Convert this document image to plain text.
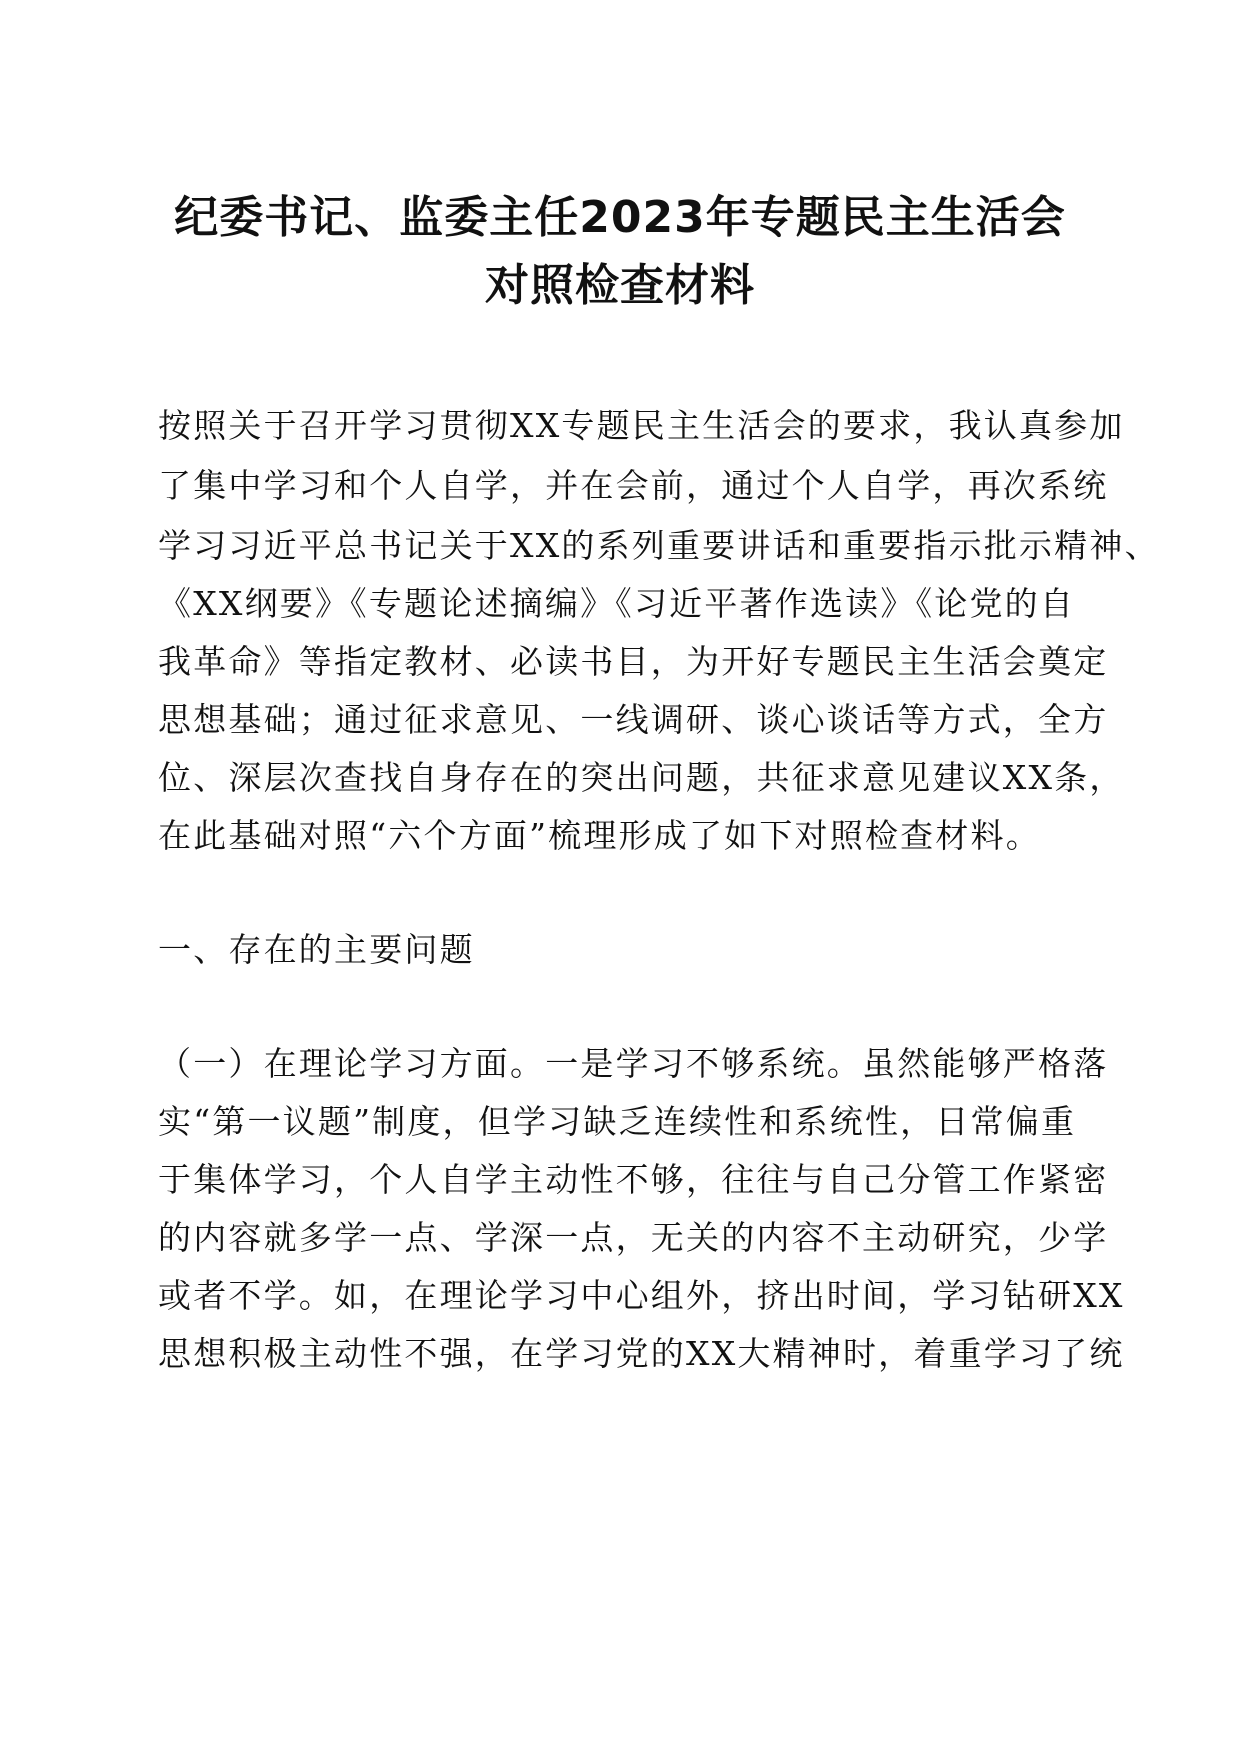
纪委书记、监委主任2023年专题民主生活会
对照检查材料

按照关于召开学习贯彻XX专题民主生活会的要求，我认真参加

了集中学习和个人自学，并在会前，通过个人自学，再次系统

学习习近平总书记关于XX的系列重要讲话和重要指示批示精神、

《XX纲要》《专题论述摘编》《习近平著作选读》《论党的自

我革命》等指定教材、必读书目，为开好专题民主生活会奠定

思想基础；通过征求意见、一线调研、谈心谈话等方式，全方

位、深层次查找自身存在的突出问题，共征求意见建议XX条，

在此基础对照“六个方面”梳理形成了如下对照检查材料。

一、存在的主要问题

（一）在理论学习方面。一是学习不够系统。虽然能够严格落

实“第一议题”制度，但学习缺乏连续性和系统性，日常偏重

于集体学习，个人自学主动性不够，往往与自己分管工作紧密

的内容就多学一点、学深一点，无关的内容不主动研究，少学

或者不学。如，在理论学习中心组外，挤出时间，学习钻研XX

思想积极主动性不强，在学习党的XX大精神时，着重学习了统
